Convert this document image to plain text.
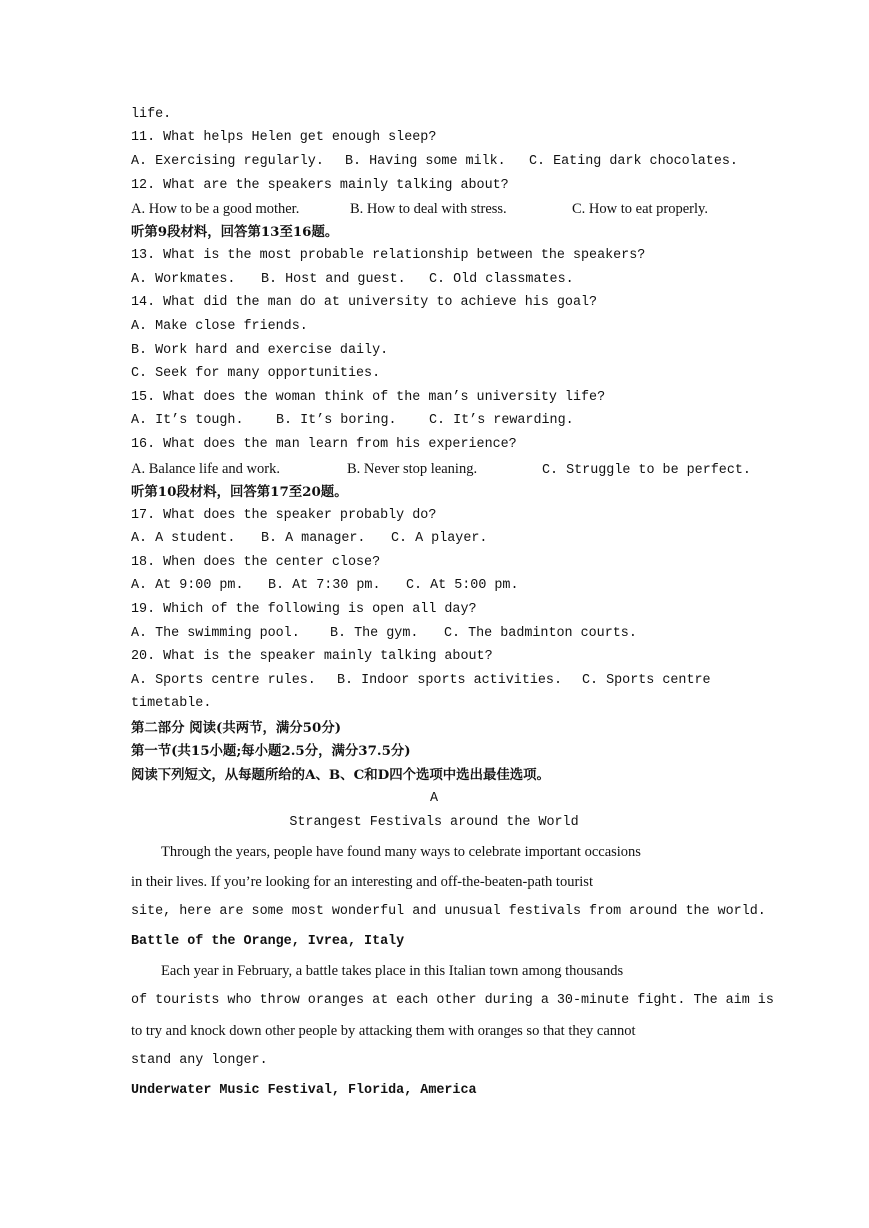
life.
11. What helps Helen get enough sleep?
A. Exercising regularly. B. Having some milk. C. Eating dark chocolates.
12. What are the speakers mainly talking about?
A. How to be a good mother.	B. How to deal with stress.	C. How to eat properly.
听第9段材料，回答第13至16题。
13. What is the most probable relationship between the speakers?
A. Workmates. B. Host and guest. C. Old classmates.
14. What did the man do at university to achieve his goal?
A. Make close friends.
B. Work hard and exercise daily.
C. Seek for many opportunities.
15. What does the woman think of the man’s university life?
A. It’s tough. B. It’s boring. C. It’s rewarding.
16. What does the man learn from his experience?
A. Balance life and work.	B. Never stop leaning.	C. Struggle to be perfect.
听第10段材料，回答第17至20题。
17. What does the speaker probably do?
A. A student. B. A manager. C. A player.
18. When does the center close?
A. At 9:00 pm. B. At 7:30 pm. C. At 5:00 pm.
19. Which of the following is open all day?
A. The swimming pool. B. The gym. C. The badminton courts.
20. What is the speaker mainly talking about?
A. Sports centre rules. B. Indoor sports activities. C. Sports centre
timetable.
第二部分 阅读(共两节，满分50分)
第一节(共15小题;每小题2.5分，满分37.5分)
阅读下列短文，从每题所给的A、B、C和D四个选项中选出最佳选项。
A
Strangest Festivals around the World
Through the years, people have found many ways to celebrate important occasions
in their lives. If you’re looking for an interesting and off-the-beaten-path tourist
site, here are some most wonderful and unusual festivals from around the world.
Battle of the Orange, Ivrea, Italy
Each year in February, a battle takes place in this Italian town among thousands
of tourists who throw oranges at each other during a 30-minute fight. The aim is
to try and knock down other people by attacking them with oranges so that they cannot
stand any longer.
Underwater Music Festival, Florida, America
